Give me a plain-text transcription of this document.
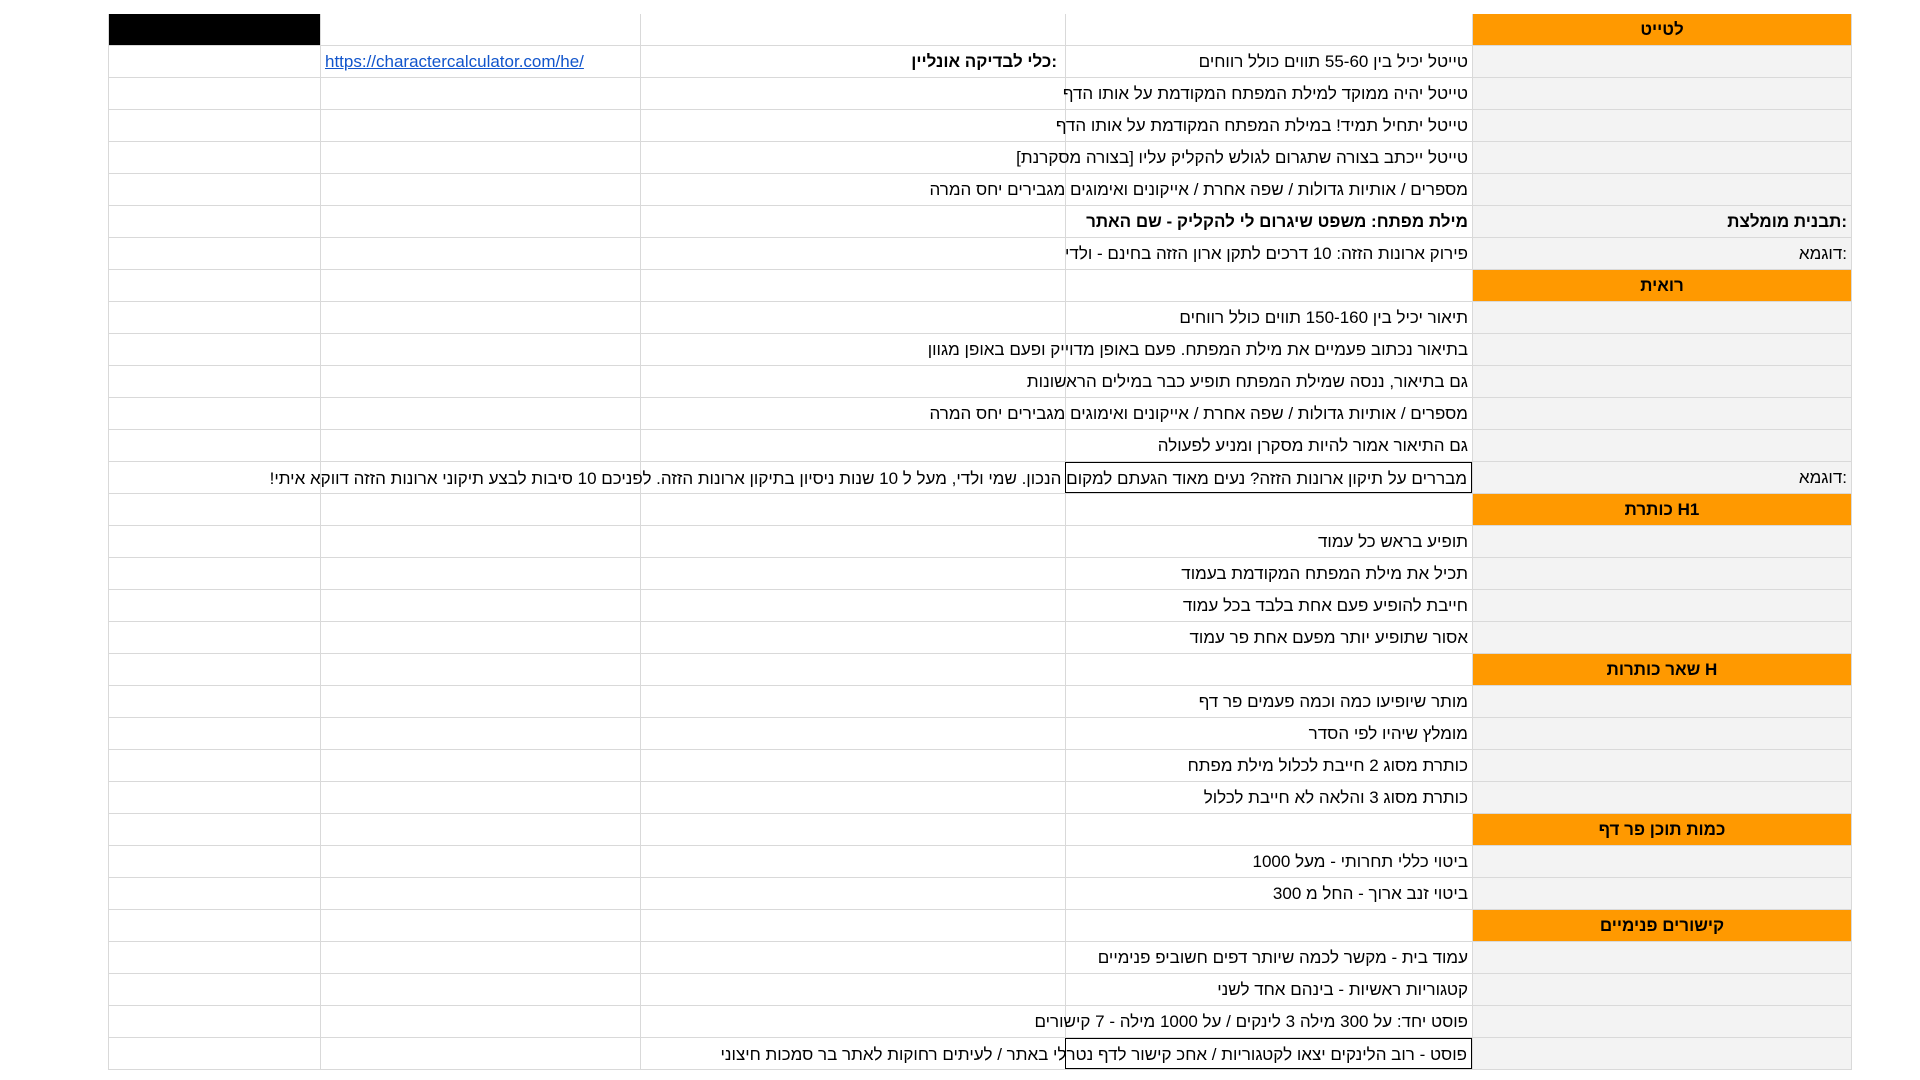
לטייט
https://charactercalculator.com/he/	:כלי לבדיקה אונליין	טייטל יכיל בין 55-60 תווים כולל רווחים
טייטל יהיה ממוקד למילת המפתח המקודמת על אותו הדף
טייטל יתחיל תמיד! במילת המפתח המקודמת על אותו הדף
טייטל ייכתב בצורה שתגרום לגולש להקליק עליו [בצורה מסקרנת]
מספרים / אותיות גדולות / שפה אחרת / אייקונים ואימוגים מגבירים יחס המרה
מילת מפתח: משפט שיגרום לי להקליק - שם האתר	:תבנית מומלצת
פירוק ארונות הזזה: 10 דרכים לתקן ארון הזזה בחינם - ולדי	:דוגמא
רואית
תיאור יכיל בין 150-160 תווים כולל רווחים
בתיאור נכתוב פעמיים את מילת המפתח. פעם באופן מדוייק ופעם באופן מגוון
גם בתיאור, ננסה שמילת המפתח תופיע כבר במילים הראשונות
מספרים / אותיות גדולות / שפה אחרת / אייקונים ואימוגים מגבירים יחס המרה
גם התיאור אמור להיות מסקרן ומניע לפעולה
מבררים על תיקון ארונות הזזה? נעים מאוד הגעתם למקום הנכון. שמי ולדי, מעל ל 10 שנות ניסיון בתיקון ארונות הזזה. לפניכם 10 סיבות לבצע תיקוני ארונות הזזה דווקא איתי!	:דוגמא
H1 כותרת
תופיע בראש כל עמוד
תכיל את מילת המפתח המקודמת בעמוד
חייבת להופיע פעם אחת בלבד בכל עמוד
אסור שתופיע יותר מפעם אחת פר עמוד
H שאר כותרות
מותר שיופיעו כמה וכמה פעמים פר דף
מומלץ שיהיו לפי הסדר
כותרת מסוג 2 חייבת לכלול מילת מפתח
כותרת מסוג 3 והלאה לא חייבת לכלול
כמות תוכן פר דף
ביטוי כללי תחרותי - מעל 1000
ביטוי זנב ארוך - החל מ 300
קישורים פנימיים
עמוד בית - מקשר לכמה שיותר דפים חשוביפ פנימיים
קטגוריות ראשיות - בינהם אחד לשני
פוסט יחד: על 300 מילה 3 לינקים / על 1000 מילה - 7 קישורים
פוסט - רוב הלינקים יצאו לקטגוריות / אחכ קישור לדף נטרלי באתר / לעיתים רחוקות לאתר בר סמכות חיצוני
